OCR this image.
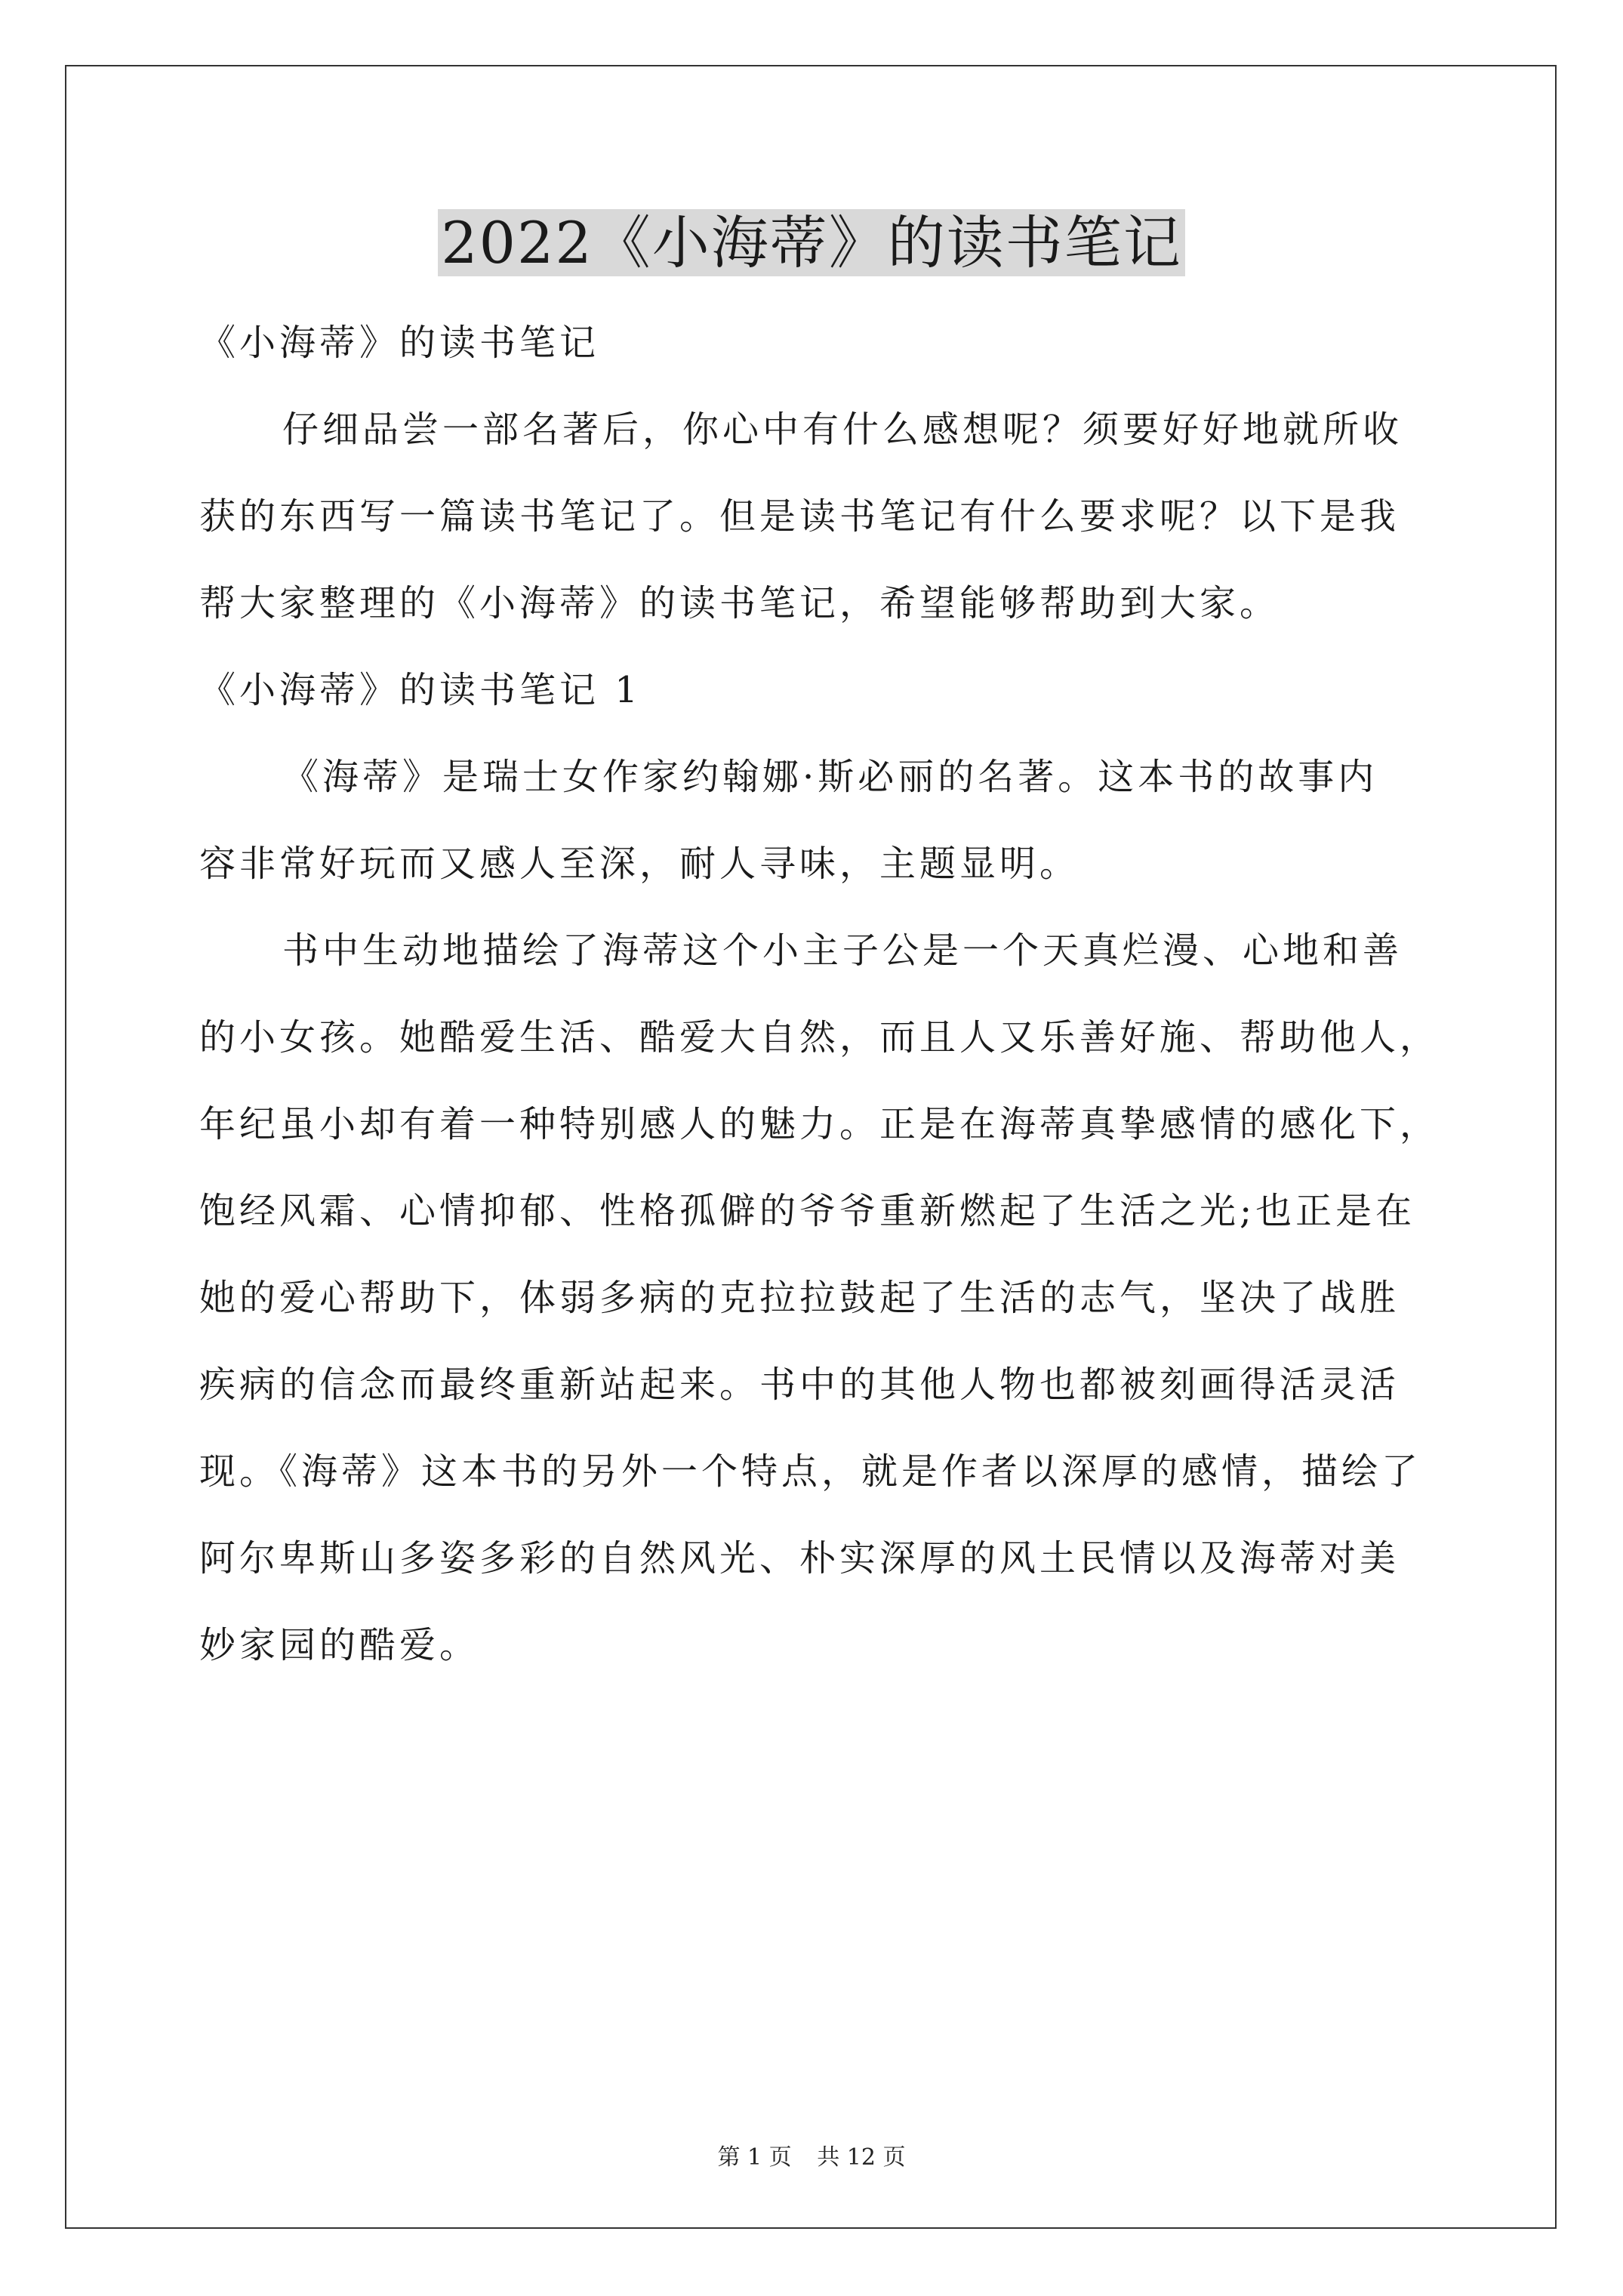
2022《小海蒂》的读书笔记

《小海蒂》的读书笔记

仔细品尝一部名著后，你心中有什么感想呢？须要好好地就所收

获的东西写一篇读书笔记了。但是读书笔记有什么要求呢？以下是我

帮大家整理的《小海蒂》的读书笔记，希望能够帮助到大家。

《小海蒂》的读书笔记 1

《海蒂》是瑞士女作家约翰娜·斯必丽的名著。这本书的故事内

容非常好玩而又感人至深，耐人寻味，主题显明。

书中生动地描绘了海蒂这个小主子公是一个天真烂漫、心地和善

的小女孩。她酷爱生活、酷爱大自然，而且人又乐善好施、帮助他人，

年纪虽小却有着一种特别感人的魅力。正是在海蒂真挚感情的感化下，

饱经风霜、心情抑郁、性格孤僻的爷爷重新燃起了生活之光;也正是在

她的爱心帮助下，体弱多病的克拉拉鼓起了生活的志气，坚决了战胜

疾病的信念而最终重新站起来。书中的其他人物也都被刻画得活灵活

现。《海蒂》这本书的另外一个特点，就是作者以深厚的感情，描绘了

阿尔卑斯山多姿多彩的自然风光、朴实深厚的风土民情以及海蒂对美

妙家园的酷爱。

第 1 页 共 12 页
